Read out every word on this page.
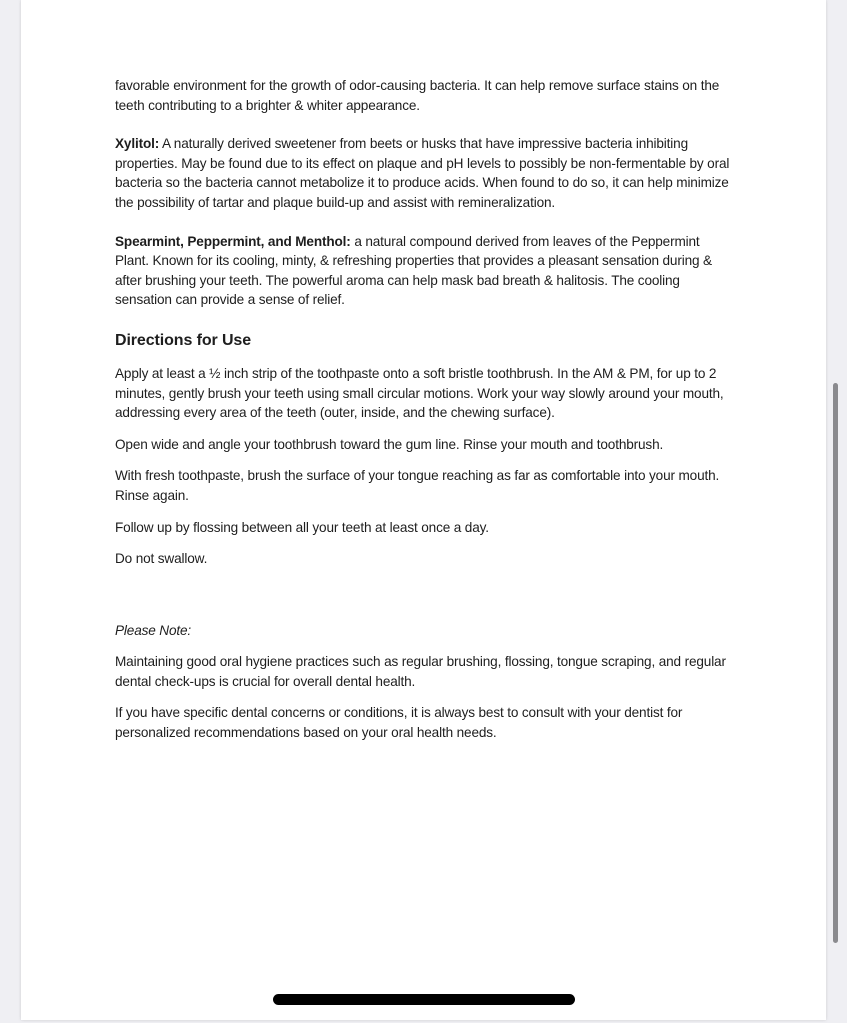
favorable environment for the growth of odor-causing bacteria. It can help remove surface stains on the teeth contributing to a brighter & whiter appearance.

Xylitol: A naturally derived sweetener from beets or husks that have impressive bacteria inhibiting properties. May be found due to its effect on plaque and pH levels to possibly be non-fermentable by oral bacteria so the bacteria cannot metabolize it to produce acids. When found to do so, it can help minimize the possibility of tartar and plaque build-up and assist with remineralization.

Spearmint, Peppermint, and Menthol: a natural compound derived from leaves of the Peppermint Plant. Known for its cooling, minty, & refreshing properties that provides a pleasant sensation during & after brushing your teeth. The powerful aroma can help mask bad breath & halitosis. The cooling sensation can provide a sense of relief.

Directions for Use

Apply at least a ½ inch strip of the toothpaste onto a soft bristle toothbrush. In the AM & PM, for up to 2 minutes, gently brush your teeth using small circular motions. Work your way slowly around your mouth, addressing every area of the teeth (outer, inside, and the chewing surface).

Open wide and angle your toothbrush toward the gum line. Rinse your mouth and toothbrush.

With fresh toothpaste, brush the surface of your tongue reaching as far as comfortable into your mouth. Rinse again.

Follow up by flossing between all your teeth at least once a day.

Do not swallow.

Please Note:

Maintaining good oral hygiene practices such as regular brushing, flossing, tongue scraping, and regular dental check-ups is crucial for overall dental health.

If you have specific dental concerns or conditions, it is always best to consult with your dentist for personalized recommendations based on your oral health needs.
